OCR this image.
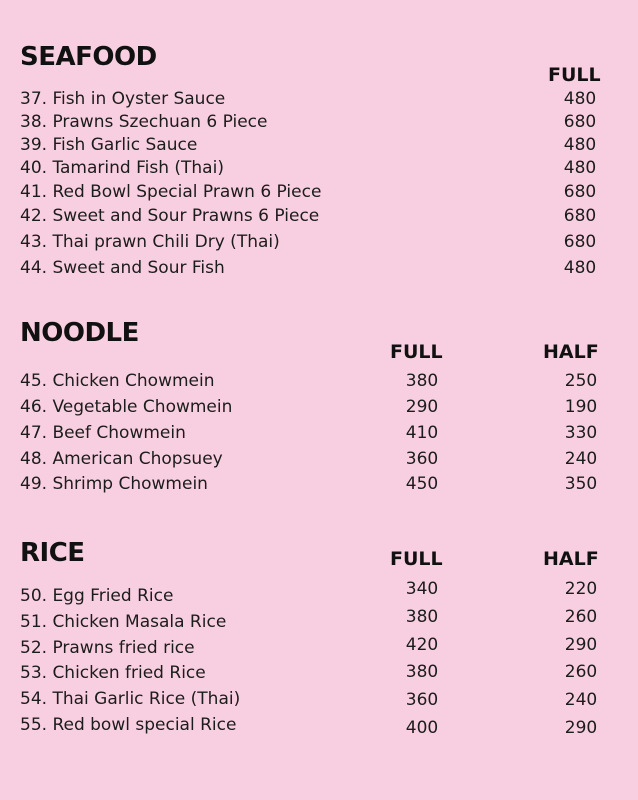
SEAFOOD
FULL
37. Fish in Oyster Sauce	480
38. Prawns Szechuan 6 Piece	680
39. Fish Garlic Sauce	480
40. Tamarind Fish (Thai)	480
41. Red Bowl Special Prawn 6 Piece	680
42. Sweet and Sour Prawns 6 Piece	680
43. Thai prawn Chili Dry (Thai)	680
44. Sweet and Sour Fish	480
NOODLE
FULL	HALF
45. Chicken Chowmein	380	250
46. Vegetable Chowmein	290	190
47. Beef Chowmein	410	330
48. American Chopsuey	360	240
49. Shrimp Chowmein	450	350
RICE	FULL	HALF
50. Egg Fried Rice	340	220
51. Chicken Masala Rice	380	260
52. Prawns fried rice	420	290
53. Chicken fried Rice	380	260
54. Thai Garlic Rice (Thai)	360	240
55. Red bowl special Rice	400	290
